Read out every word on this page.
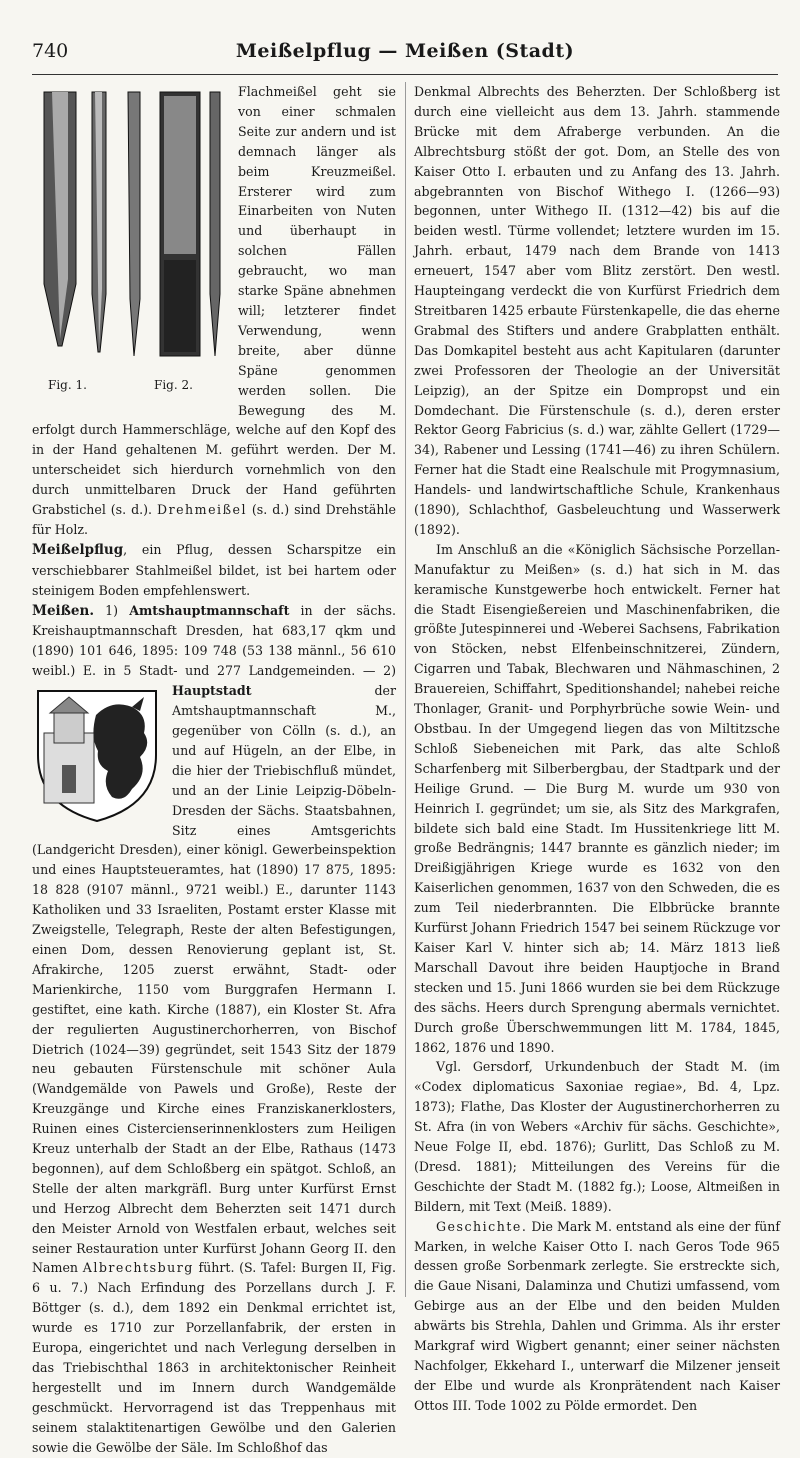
740	Meißelpflug — Meißen (Stadt)

Fig. 1.	Fig. 2.
Flachmeißel geht sie von einer schmalen Seite zur andern und ist demnach länger als beim Kreuzmeißel. Ersterer wird zum Einarbeiten von Nuten und überhaupt in solchen Fällen gebraucht, wo man starke Späne abnehmen will; letzterer findet Verwendung, wenn breite, aber dünne Späne genommen werden sollen. Die Bewegung des M. erfolgt durch Hammerschläge, welche auf den Kopf des in der Hand gehaltenen M. geführt werden. Der M. unterscheidet sich hierdurch vornehmlich von den durch unmittelbaren Druck der Hand geführten Grabstichel (s. d.). Drehmeißel (s. d.) sind Drehstähle für Holz.

Meißelpflug, ein Pflug, dessen Scharspitze ein verschiebbarer Stahlmeißel bildet, ist bei hartem oder steinigem Boden empfehlenswert.

Meißen. 1) Amtshauptmannschaft in der sächs. Kreishauptmannschaft Dresden, hat 683,17 qkm und (1890) 101 646, 1895: 109 748 (53 138 männl., 56 610 weibl.) E. in 5 Stadt- und 277 Landgemeinden. — 2) Hauptstadt	der Amtshauptmannschaft M., gegenüber von Cölln (s. d.), an und auf Hügeln, an der Elbe, in die hier der Triebischfluß mündet, und an der Linie Leipzig-Döbeln-Dresden der Sächs. Staatsbahnen, Sitz eines Amtsgerichts (Landgericht Dresden), einer königl. Gewerbeinspektion und eines Hauptsteueramtes, hat (1890) 17 875, 1895: 18 828 (9107 männl., 9721 weibl.) E., darunter 1143 Katholiken und 33 Israeliten, Postamt erster Klasse mit Zweigstelle, Telegraph, Reste der alten Befestigungen, einen Dom, dessen Renovierung geplant ist, St. Afrakirche, 1205 zuerst erwähnt, Stadt- oder Marienkirche, 1150 vom Burggrafen Hermann I. gestiftet, eine kath. Kirche (1887), ein Kloster St. Afra der regulierten Augustinerchorherren, von Bischof Dietrich (1024—39) gegründet, seit 1543 Sitz der 1879 neu gebauten Fürstenschule mit schöner Aula (Wandgemälde von Pawels und Große), Reste der Kreuzgänge und Kirche eines Franziskanerklosters, Ruinen eines Cistercienserinnenklosters zum Heiligen Kreuz unterhalb der Stadt an der Elbe, Rathaus (1473 begonnen), auf dem Schloßberg ein spätgot. Schloß, an Stelle der alten markgräfl. Burg unter Kurfürst Ernst und Herzog Albrecht dem Beherzten seit 1471 durch den Meister Arnold von Westfalen erbaut, welches seit seiner Restauration unter Kurfürst Johann Georg II. den Namen Albrechtsburg führt. (S. Tafel: Burgen II, Fig. 6 u. 7.) Nach Erfindung des Porzellans durch J. F. Böttger (s. d.), dem 1892 ein Denkmal errichtet ist, wurde es 1710 zur Porzellanfabrik, der ersten in Europa, eingerichtet und nach Verlegung derselben in das Triebischthal 1863 in architektonischer Reinheit hergestellt und im Innern durch Wandgemälde geschmückt. Hervorragend ist das Treppenhaus mit seinem stalaktitenartigen Gewölbe und den Galerien sowie die Gewölbe der Säle. Im Schloßhof das

Denkmal Albrechts des Beherzten. Der Schloßberg ist durch eine vielleicht aus dem 13. Jahrh. stammende Brücke mit dem Afraberge verbunden. An die Albrechtsburg stößt der got. Dom, an Stelle des von Kaiser Otto I. erbauten und zu Anfang des 13. Jahrh. abgebrannten von Bischof Withego I. (1266—93) begonnen, unter Withego II. (1312—42) bis auf die beiden westl. Türme vollendet; letztere wurden im 15. Jahrh. erbaut, 1479 nach dem Brande von 1413 erneuert, 1547 aber vom Blitz zerstört. Den westl. Haupteingang verdeckt die von Kurfürst Friedrich dem Streitbaren 1425 erbaute Fürstenkapelle, die das eherne Grabmal des Stifters und andere Grabplatten enthält. Das Domkapitel besteht aus acht Kapitularen (darunter zwei Professoren der Theologie an der Universität Leipzig), an der Spitze ein Dompropst und ein Domdechant. Die Fürstenschule (s. d.), deren erster Rektor Georg Fabricius (s. d.) war, zählte Gellert (1729—34), Rabener und Lessing (1741—46) zu ihren Schülern. Ferner hat die Stadt eine Realschule mit Progymnasium, Handels- und landwirtschaftliche Schule, Krankenhaus (1890), Schlachthof, Gasbeleuchtung und Wasserwerk (1892).

Im Anschluß an die «Königlich Sächsische Porzellan-Manufaktur zu Meißen» (s. d.) hat sich in M. das keramische Kunstgewerbe hoch entwickelt. Ferner hat die Stadt Eisengießereien und Maschinenfabriken, die größte Jutespinnerei und -Weberei Sachsens, Fabrikation von Stöcken, nebst Elfenbeinschnitzerei, Zündern, Cigarren und Tabak, Blechwaren und Nähmaschinen, 2 Brauereien, Schiffahrt, Speditionshandel; nahebei reiche Thonlager, Granit- und Porphyrbrüche sowie Wein- und Obstbau. In der Umgegend liegen das von Miltitzsche Schloß Siebeneichen mit Park, das alte Schloß Scharfenberg mit Silberbergbau, der Stadtpark und der Heilige Grund. — Die Burg M. wurde um 930 von Heinrich I. gegründet; um sie, als Sitz des Markgrafen, bildete sich bald eine Stadt. Im Hussitenkriege litt M. große Bedrängnis; 1447 brannte es gänzlich nieder; im Dreißigjährigen Kriege wurde es 1632 von den Kaiserlichen genommen, 1637 von den Schweden, die es zum Teil niederbrannten. Die Elbbrücke brannte Kurfürst Johann Friedrich 1547 bei seinem Rückzuge vor Kaiser Karl V. hinter sich ab; 14. März 1813 ließ Marschall Davout ihre beiden Hauptjoche in Brand stecken und 15. Juni 1866 wurden sie bei dem Rückzuge des sächs. Heers durch Sprengung abermals vernichtet. Durch große Überschwemmungen litt M. 1784, 1845, 1862, 1876 und 1890.

Vgl. Gersdorf, Urkundenbuch der Stadt M. (im «Codex diplomaticus Saxoniae regiae», Bd. 4, Lpz. 1873); Flathe, Das Kloster der Augustinerchorherren zu St. Afra (in von Webers «Archiv für sächs. Geschichte», Neue Folge II, ebd. 1876); Gurlitt, Das Schloß zu M. (Dresd. 1881); Mitteilungen des Vereins für die Geschichte der Stadt M. (1882 fg.); Loose, Altmeißen in Bildern, mit Text (Meiß. 1889).

Geschichte. Die Mark M. entstand als eine der fünf Marken, in welche Kaiser Otto I. nach Geros Tode 965 dessen große Sorbenmark zerlegte. Sie erstreckte sich, die Gaue Nisani, Dalaminza und Chutizi umfassend, vom Gebirge aus an der Elbe und den beiden Mulden abwärts bis Strehla, Dahlen und Grimma. Als ihr erster Markgraf wird Wigbert genannt; einer seiner nächsten Nachfolger, Ekkehard I., unterwarf die Milzener jenseit der Elbe und wurde als Kronprätendent nach Kaiser Ottos III. Tode 1002 zu Pölde ermordet. Den
